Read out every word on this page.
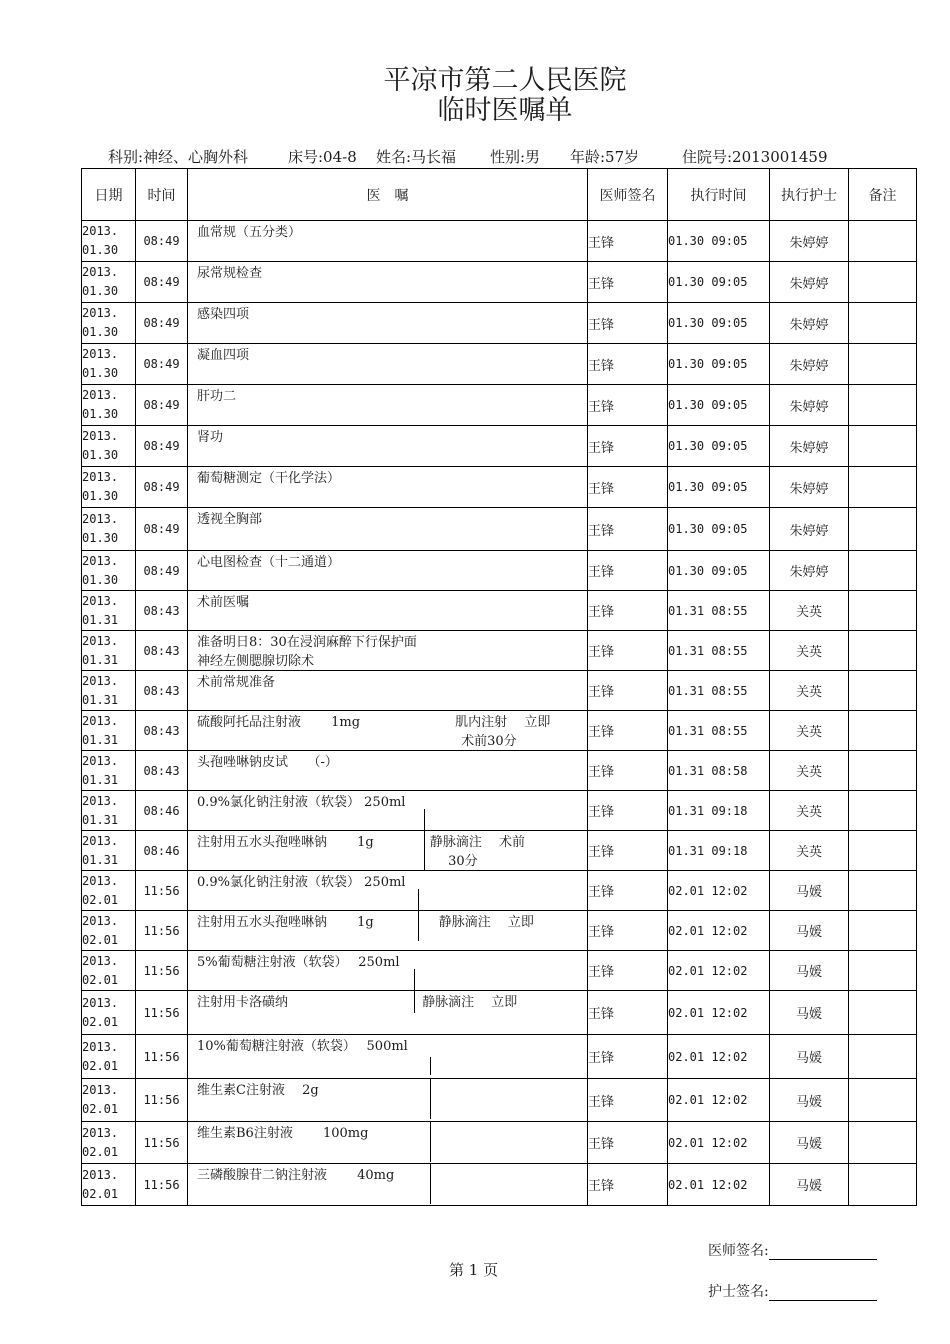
平凉市第二人民医院
临时医嘱单
科别:神经、心胸外科	床号:04-8 姓名:马长福 性别:男 年龄:57岁	住院号:2013001459
日期	时间	医　嘱	医师签名	执行时间	执行护士	备注
2013.
01.30	08:49	血常规（五分类）	王锋	01.30 09:05	朱婷婷	
2013.
01.30	08:49	尿常规检查	王锋	01.30 09:05	朱婷婷	
2013.
01.30	08:49	感染四项	王锋	01.30 09:05	朱婷婷	
2013.
01.30	08:49	凝血四项	王锋	01.30 09:05	朱婷婷	
2013.
01.30	08:49	肝功二	王锋	01.30 09:05	朱婷婷	
2013.
01.30	08:49	肾功	王锋	01.30 09:05	朱婷婷	
2013.
01.30	08:49	葡萄糖测定（干化学法）	王锋	01.30 09:05	朱婷婷	
2013.
01.30	08:49	透视全胸部	王锋	01.30 09:05	朱婷婷	
2013.
01.30	08:49	心电图检查（十二通道）	王锋	01.30 09:05	朱婷婷	
2013.
01.31	08:43	术前医嘱	王锋	01.31 08:55	关英	
2013.
01.31	08:43	准备明日8：30在浸润麻醉下行保护面
神经左侧腮腺切除术	王锋	01.31 08:55	关英	
2013.
01.31	08:43	术前常规准备	王锋	01.31 08:55	关英	
2013.
01.31	08:43	硫酸阿托品注射液　　 1mg　　　　　　　 肌内注射　 立即
　　　　　　　　　　　　　　　　　　　　 术前30分	王锋	01.31 08:55	关英	
2013.
01.31	08:43	头孢唑啉钠皮试　　（-）	王锋	01.31 08:58	关英	
2013.
01.31	08:46	0.9%氯化钠注射液（软袋） 250ml	王锋	01.31 09:18	关英	
2013.
01.31	08:46	注射用五水头孢唑啉钠　　 1g　　　　 静脉滴注　 术前
　　　　　　　　　　　　　　　　　　　 30分	王锋	01.31 09:18	关英	
2013.
02.01	11:56	0.9%氯化钠注射液（软袋） 250ml	王锋	02.01 12:02	马媛	
2013.
02.01	11:56	注射用五水头孢唑啉钠　　 1g　　　　　静脉滴注　 立即	王锋	02.01 12:02	马媛	
2013.
02.01	11:56	5%葡萄糖注射液（软袋）　 250ml	王锋	02.01 12:02	马媛	
2013.
02.01	11:56	注射用卡洛磺纳　　　　　　　　　　 静脉滴注　 立即	王锋	02.01 12:02	马媛	
2013.
02.01	11:56	10%葡萄糖注射液（软袋）　 500ml	王锋	02.01 12:02	马媛	
2013.
02.01	11:56	维生素C注射液　 2g	王锋	02.01 12:02	马媛	
2013.
02.01	11:56	维生素B6注射液　　 100mg	王锋	02.01 12:02	马媛	
2013.
02.01	11:56	三磷酸腺苷二钠注射液　　 40mg	王锋	02.01 12:02	马媛	
医师签名:
第 1 页
护士签名:
